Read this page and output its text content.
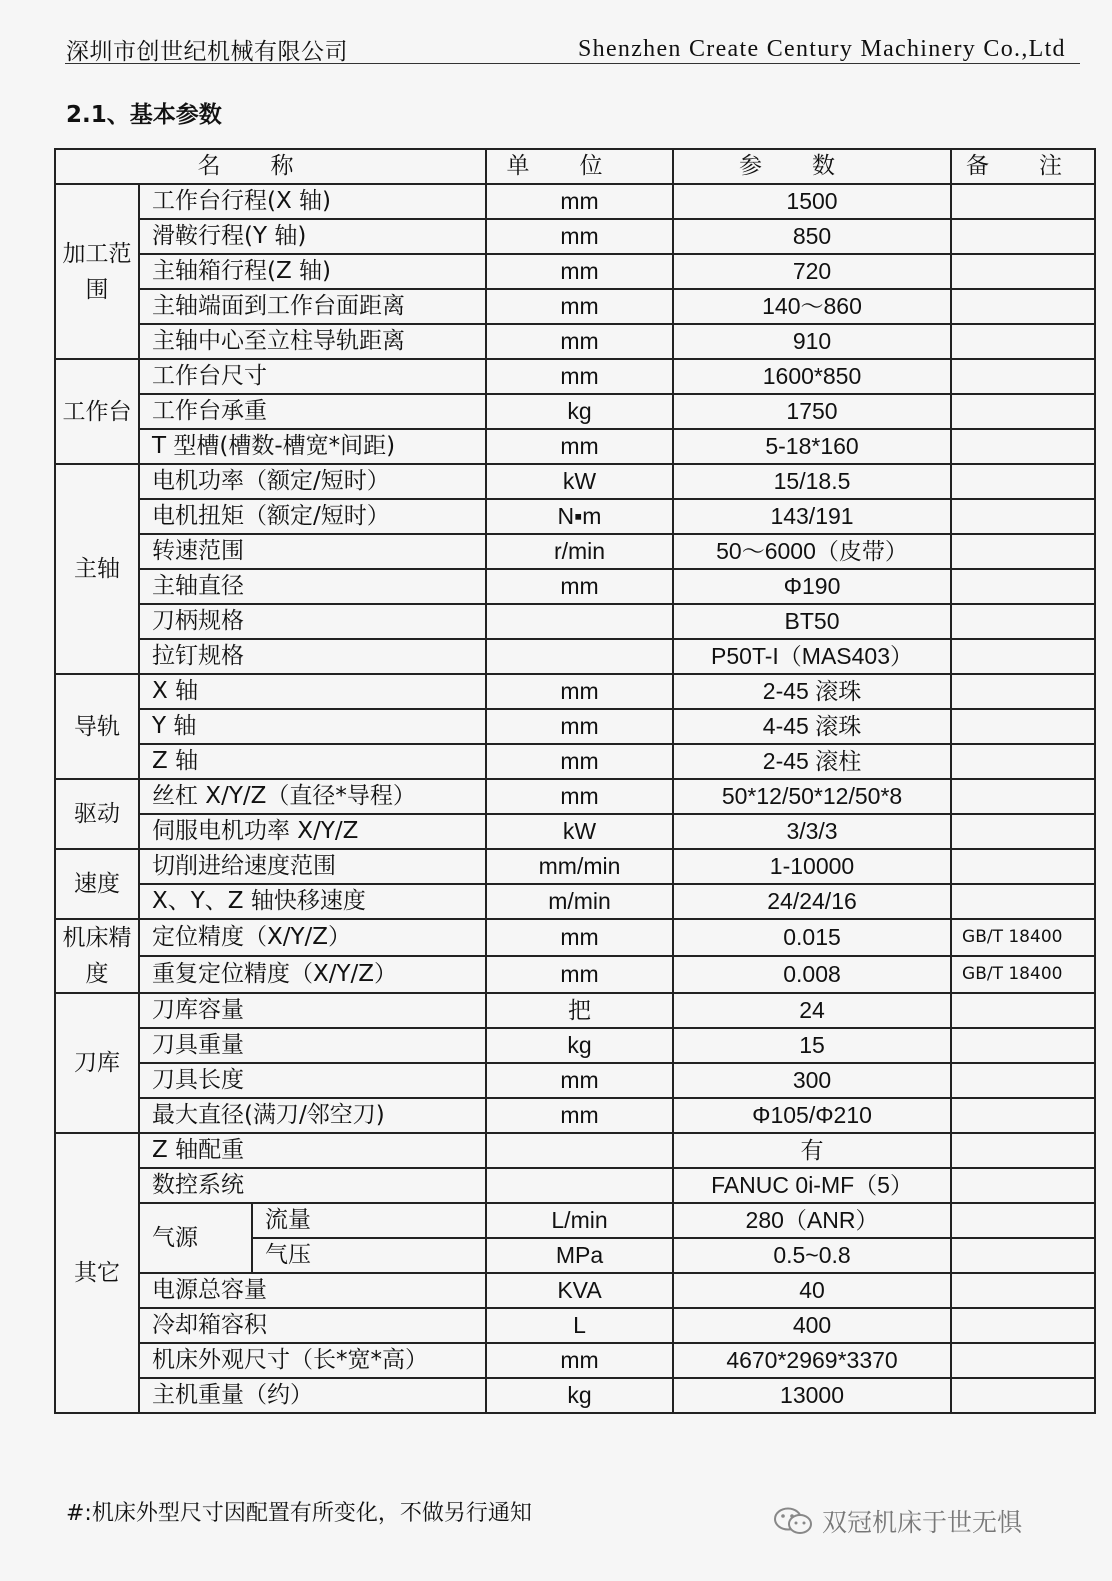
深圳市创世纪机械有限公司	Shenzhen Create Century Machinery Co.,Ltd
2.1、基本参数
名称			单位	参数	备注
加工范围	工作台行程(X 轴)		mm	1500	
	滑鞍行程(Y 轴)		mm	850	
	主轴箱行程(Z 轴)		mm	720	
	主轴端面到工作台面距离		mm	140～860	
	主轴中心至立柱导轨距离		mm	910	
工作台	工作台尺寸		mm	1600*850	
	工作台承重		kg	1750	
	T 型槽(槽数-槽宽*间距)		mm	5-18*160	
主轴	电机功率（额定/短时）		kW	15/18.5	
	电机扭矩（额定/短时）		N▪m	143/191	
	转速范围		r/min	50～6000（皮带）	
	主轴直径		mm	Φ190	
	刀柄规格			BT50	
	拉钉规格			P50T-I（MAS403）	
导轨	X 轴		mm	2-45 滚珠	
	Y 轴		mm	4-45 滚珠	
	Z 轴		mm	2-45 滚柱	
驱动	丝杠 X/Y/Z（直径*导程）		mm	50*12/50*12/50*8	
	伺服电机功率 X/Y/Z		kW	3/3/3	
速度	切削进给速度范围		mm/min	1-10000	
	X、Y、Z 轴快移速度		m/min	24/24/16	
机床精度	定位精度（X/Y/Z）		mm	0.015	GB/T 18400
	重复定位精度（X/Y/Z）		mm	0.008	GB/T 18400
刀库	刀库容量		把	24	
	刀具重量		kg	15	
	刀具长度		mm	300	
	最大直径(满刀/邻空刀)		mm	Φ105/Φ210	
其它	Z 轴配重			有	
	数控系统			FANUC 0i-MF（5）	
	气源	流量	L/min	280（ANR）	
		气压	MPa	0.5~0.8	
	电源总容量		KVA	40	
	冷却箱容积		L	400	
	机床外观尺寸（长*宽*高）		mm	4670*2969*3370	
	主机重量（约）		kg	13000	
#:机床外型尺寸因配置有所变化，不做另行通知	双冠机床于世无惧
